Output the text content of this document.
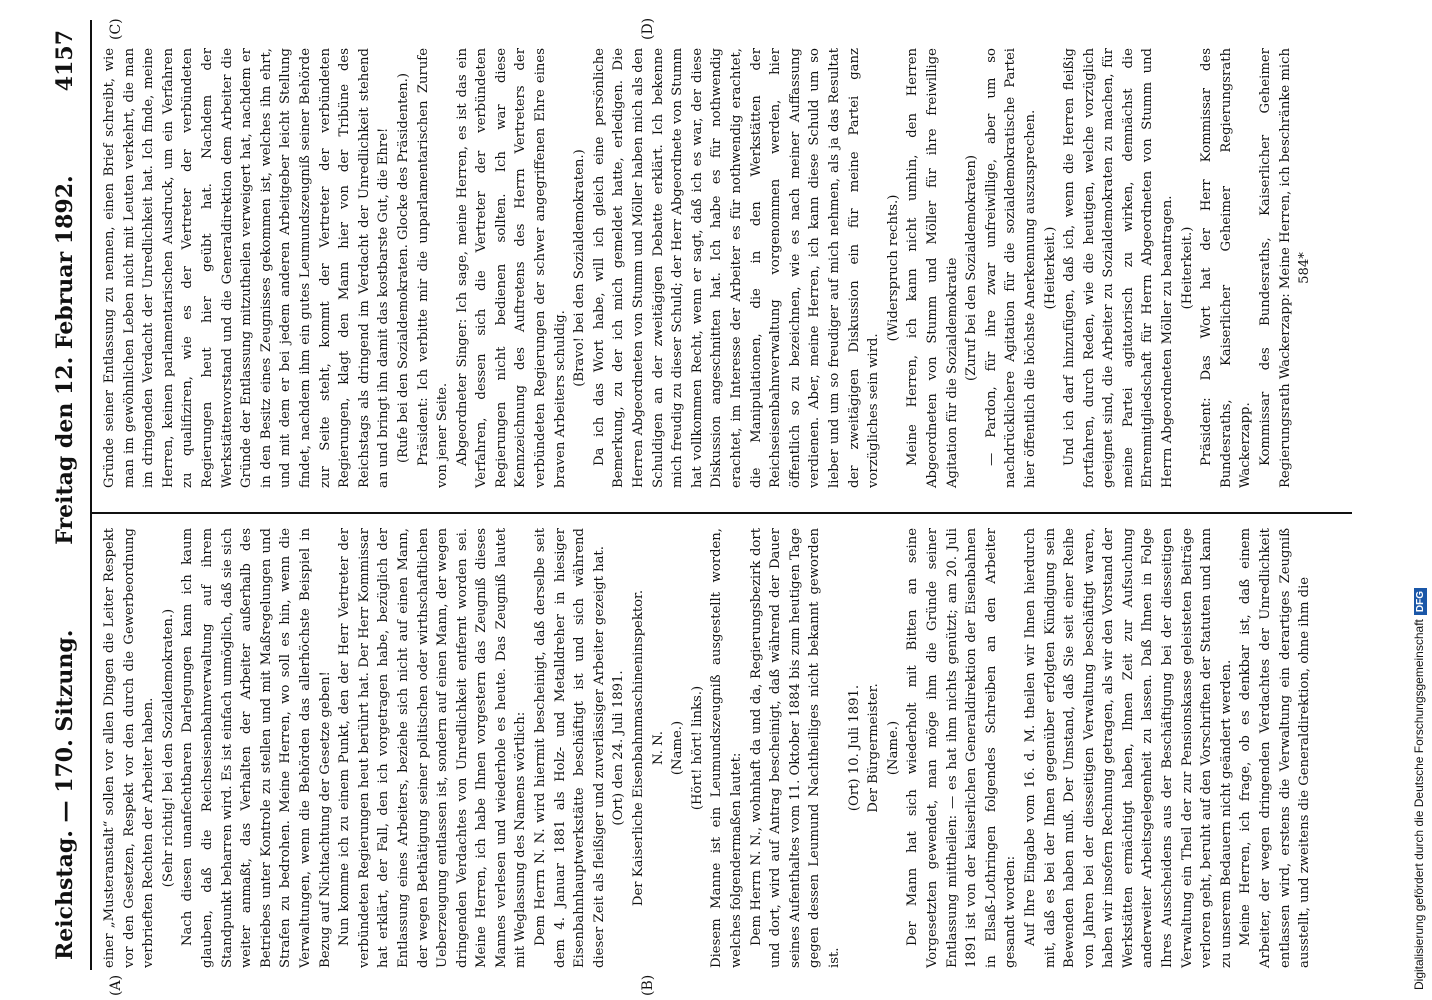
Reichstag. — 170. Sitzung.
Freitag den 12. Februar 1892.
4157
(A)	(B)
(C)	(D)

einer „Musteranstalt“ sollen vor allen Dingen die Leiter Respekt vor den Gesetzen, Respekt vor den durch die Gewerbeordnung verbrieften Rechten der Arbeiter haben. (Sehr richtig! bei den Sozialdemokraten.) Nach diesen unanfechtbaren Darlegungen kann ich kaum glauben, daß die Reichseisenbahnverwaltung auf ihrem Standpunkt beharren wird. Es ist einfach unmöglich, daß sie sich weiter anmaßt, das Verhalten der Arbeiter außerhalb des Betriebes unter Kontrole zu stellen und mit Maßregelungen und Strafen zu bedrohen. Meine Herren, wo soll es hin, wenn die Verwaltungen, wenn die Behörden das allerhöchste Beispiel in Bezug auf Nichtachtung der Gesetze geben! Nun komme ich zu einem Punkt, den der Herr Vertreter der verbündeten Regierungen heut berührt hat. Der Herr Kommissar hat erklärt, der Fall, den ich vorgetragen habe, bezüglich der Entlassung eines Arbeiters, beziehe sich nicht auf einen Mann, der wegen Bethätigung seiner politischen oder wirthschaftlichen Ueberzeugung entlassen ist, sondern auf einen Mann, der wegen dringenden Verdachtes von Unredlichkeit entfernt worden sei. Meine Herren, ich habe Ihnen vorgestern das Zeugniß dieses Mannes verlesen und wiederhole es heute. Das Zeugniß lautet mit Weglassung des Namens wörtlich: Dem Herrn N. N. wird hiermit bescheinigt, daß derselbe seit dem 4. Januar 1881 als Holz- und Metalldreher in hiesiger Eisenbahnhauptwerkstätte beschäftigt ist und sich während dieser Zeit als fleißiger und zuverlässiger Arbeiter gezeigt hat. (Ort) den 24. Juli 1891. Der Kaiserliche Eisenbahnmaschineninspektor. N. N. (Name.) (Hört! hört! links.) Diesem Manne ist ein Leumundszeugniß ausgestellt worden, welches folgendermaßen lautet: Dem Herrn N. N., wohnhaft da und da, Regierungsbezirk dort und dort, wird auf Antrag bescheinigt, daß während der Dauer seines Aufenthaltes vom 11. Oktober 1884 bis zum heutigen Tage gegen dessen Leumund Nachtheiliges nicht bekannt geworden ist.

(Ort) 10. Juli 1891. Der Bürgermeister. (Name.) Der Mann hat sich wiederholt mit Bitten an seine Vorgesetzten gewendet, man möge ihm die Gründe seiner Entlassung mittheilen: — es hat ihm nichts genützt; am 20. Juli 1891 ist von der kaiserlichen Generaldirektion der Eisenbahnen in Elsaß-Lothringen folgendes Schreiben an den Arbeiter gesandt worden: Auf Ihre Eingabe vom 16. d. M. theilen wir Ihnen hierdurch mit, daß es bei der Ihnen gegenüber erfolgten Kündigung sein Bewenden haben muß. Der Umstand, daß Sie seit einer Reihe von Jahren bei der diesseitigen Verwaltung beschäftigt waren, haben wir insofern Rechnung getragen, als wir den Vorstand der Werkstätten ermächtigt haben, Ihnen Zeit zur Aufsuchung anderweiter Arbeitsgelegenheit zu lassen. Daß Ihnen in Folge Ihres Ausscheidens aus der Beschäftigung bei der diesseitigen Verwaltung ein Theil der zur Pensionskasse geleisteten Beiträge verloren geht, beruht auf den Vorschriften der Statuten und kann zu unserem Bedauern nicht geändert werden. Meine Herren, ich frage, ob es denkbar ist, daß einem Arbeiter, der wegen dringenden Verdachtes der Unredlichkeit entlassen wird, erstens die Verwaltung ein derartiges Zeugniß ausstellt, und zweitens die Generaldirektion, ohne ihm die

Gründe seiner Entlassung zu nennen, einen Brief schreibt, wie man im gewöhnlichen Leben nicht mit Leuten verkehrt, die man im dringenden Verdacht der Unredlichkeit hat. Ich finde, meine Herren, keinen parlamentarischen Ausdruck, um ein Verfahren zu qualifiziren, wie es der Vertreter der verbündeten Regierungen heut hier geübt hat. Nachdem der Werkstättenvorstand und die Generaldirektion dem Arbeiter die Gründe der Entlassung mitzutheilen verweigert hat, nachdem er in den Besitz eines Zeugnisses gekommen ist, welches ihn ehrt, und mit dem er bei jedem anderen Arbeitgeber leicht Stellung findet, nachdem ihm ein gutes Leumundszeugniß seiner Behörde zur Seite steht, kommt der Vertreter der verbündeten Regierungen, klagt den Mann hier von der Tribüne des Reichstags als dringend im Verdacht der Unredlichkeit stehend an und bringt ihn damit das kostbarste Gut, die Ehre! (Rufe bei den Sozialdemokraten. Glocke des Präsidenten.) Präsident: Ich verbitte mir die unparlamentarischen Zurufe von jener Seite. Abgeordneter Singer: Ich sage, meine Herren, es ist das ein Verfahren, dessen sich die Vertreter der verbündeten Regierungen nicht bedienen sollten. Ich war diese Kennzeichnung des Auftretens des Herrn Vertreters der verbündeten Regierungen der schwer angegriffenen Ehre eines braven Arbeiters schuldig.

(Bravo! bei den Sozialdemokraten.) Da ich das Wort habe, will ich gleich eine persönliche Bemerkung, zu der ich mich gemeldet hatte, erledigen. Die Herren Abgeordneten von Stumm und Möller haben mich als den Schuldigen an der zweitägigen Debatte erklärt. Ich bekenne mich freudig zu dieser Schuld; der Herr Abgeordnete von Stumm hat vollkommen Recht, wenn er sagt, daß ich es war, der diese Diskussion angeschnitten hat. Ich habe es für nothwendig erachtet, im Interesse der Arbeiter es für nothwendig erachtet, die Manipulationen, die in den Werkstätten der Reichseisenbahnverwaltung vorgenommen werden, hier öffentlich so zu bezeichnen, wie es nach meiner Auffassung verdienen. Aber, meine Herren, ich kann diese Schuld um so lieber und um so freudiger auf mich nehmen, als ja das Resultat der zweitägigen Diskussion ein für meine Partei ganz vorzügliches sein wird.

(Widerspruch rechts.) Meine Herren, ich kann nicht umhin, den Herren Abgeordneten von Stumm und Möller für ihre freiwillige Agitation für die Sozialdemokratie (Zuruf bei den Sozialdemokraten) — Pardon, für ihre zwar unfreiwillige, aber um so nachdrücklichere Agitation für die sozialdemokratische Partei hier öffentlich die höchste Anerkennung auszusprechen. (Heiterkeit.) Und ich darf hinzufügen, daß ich, wenn die Herren fleißig fortfahren, durch Reden, wie die heutigen, welche vorzüglich geeignet sind, die Arbeiter zu Sozialdemokraten zu machen, für meine Partei agitatorisch zu wirken, demnächst die Ehrenmitgliedschaft für Herrn Abgeordneten von Stumm und Herrn Abgeordneten Möller zu beantragen. (Heiterkeit.) Präsident: Das Wort hat der Herr Kommissar des Bundesraths, Kaiserlicher Geheimer Regierungsrath Wackerzapp. Kommissar des Bundesraths, Kaiserlicher Geheimer Regierungsrath Wackerzapp: Meine Herren, ich beschränke mich 584*

Digitalisierung gefördert durch die Deutsche ForschungsgemeinschaftDFG
